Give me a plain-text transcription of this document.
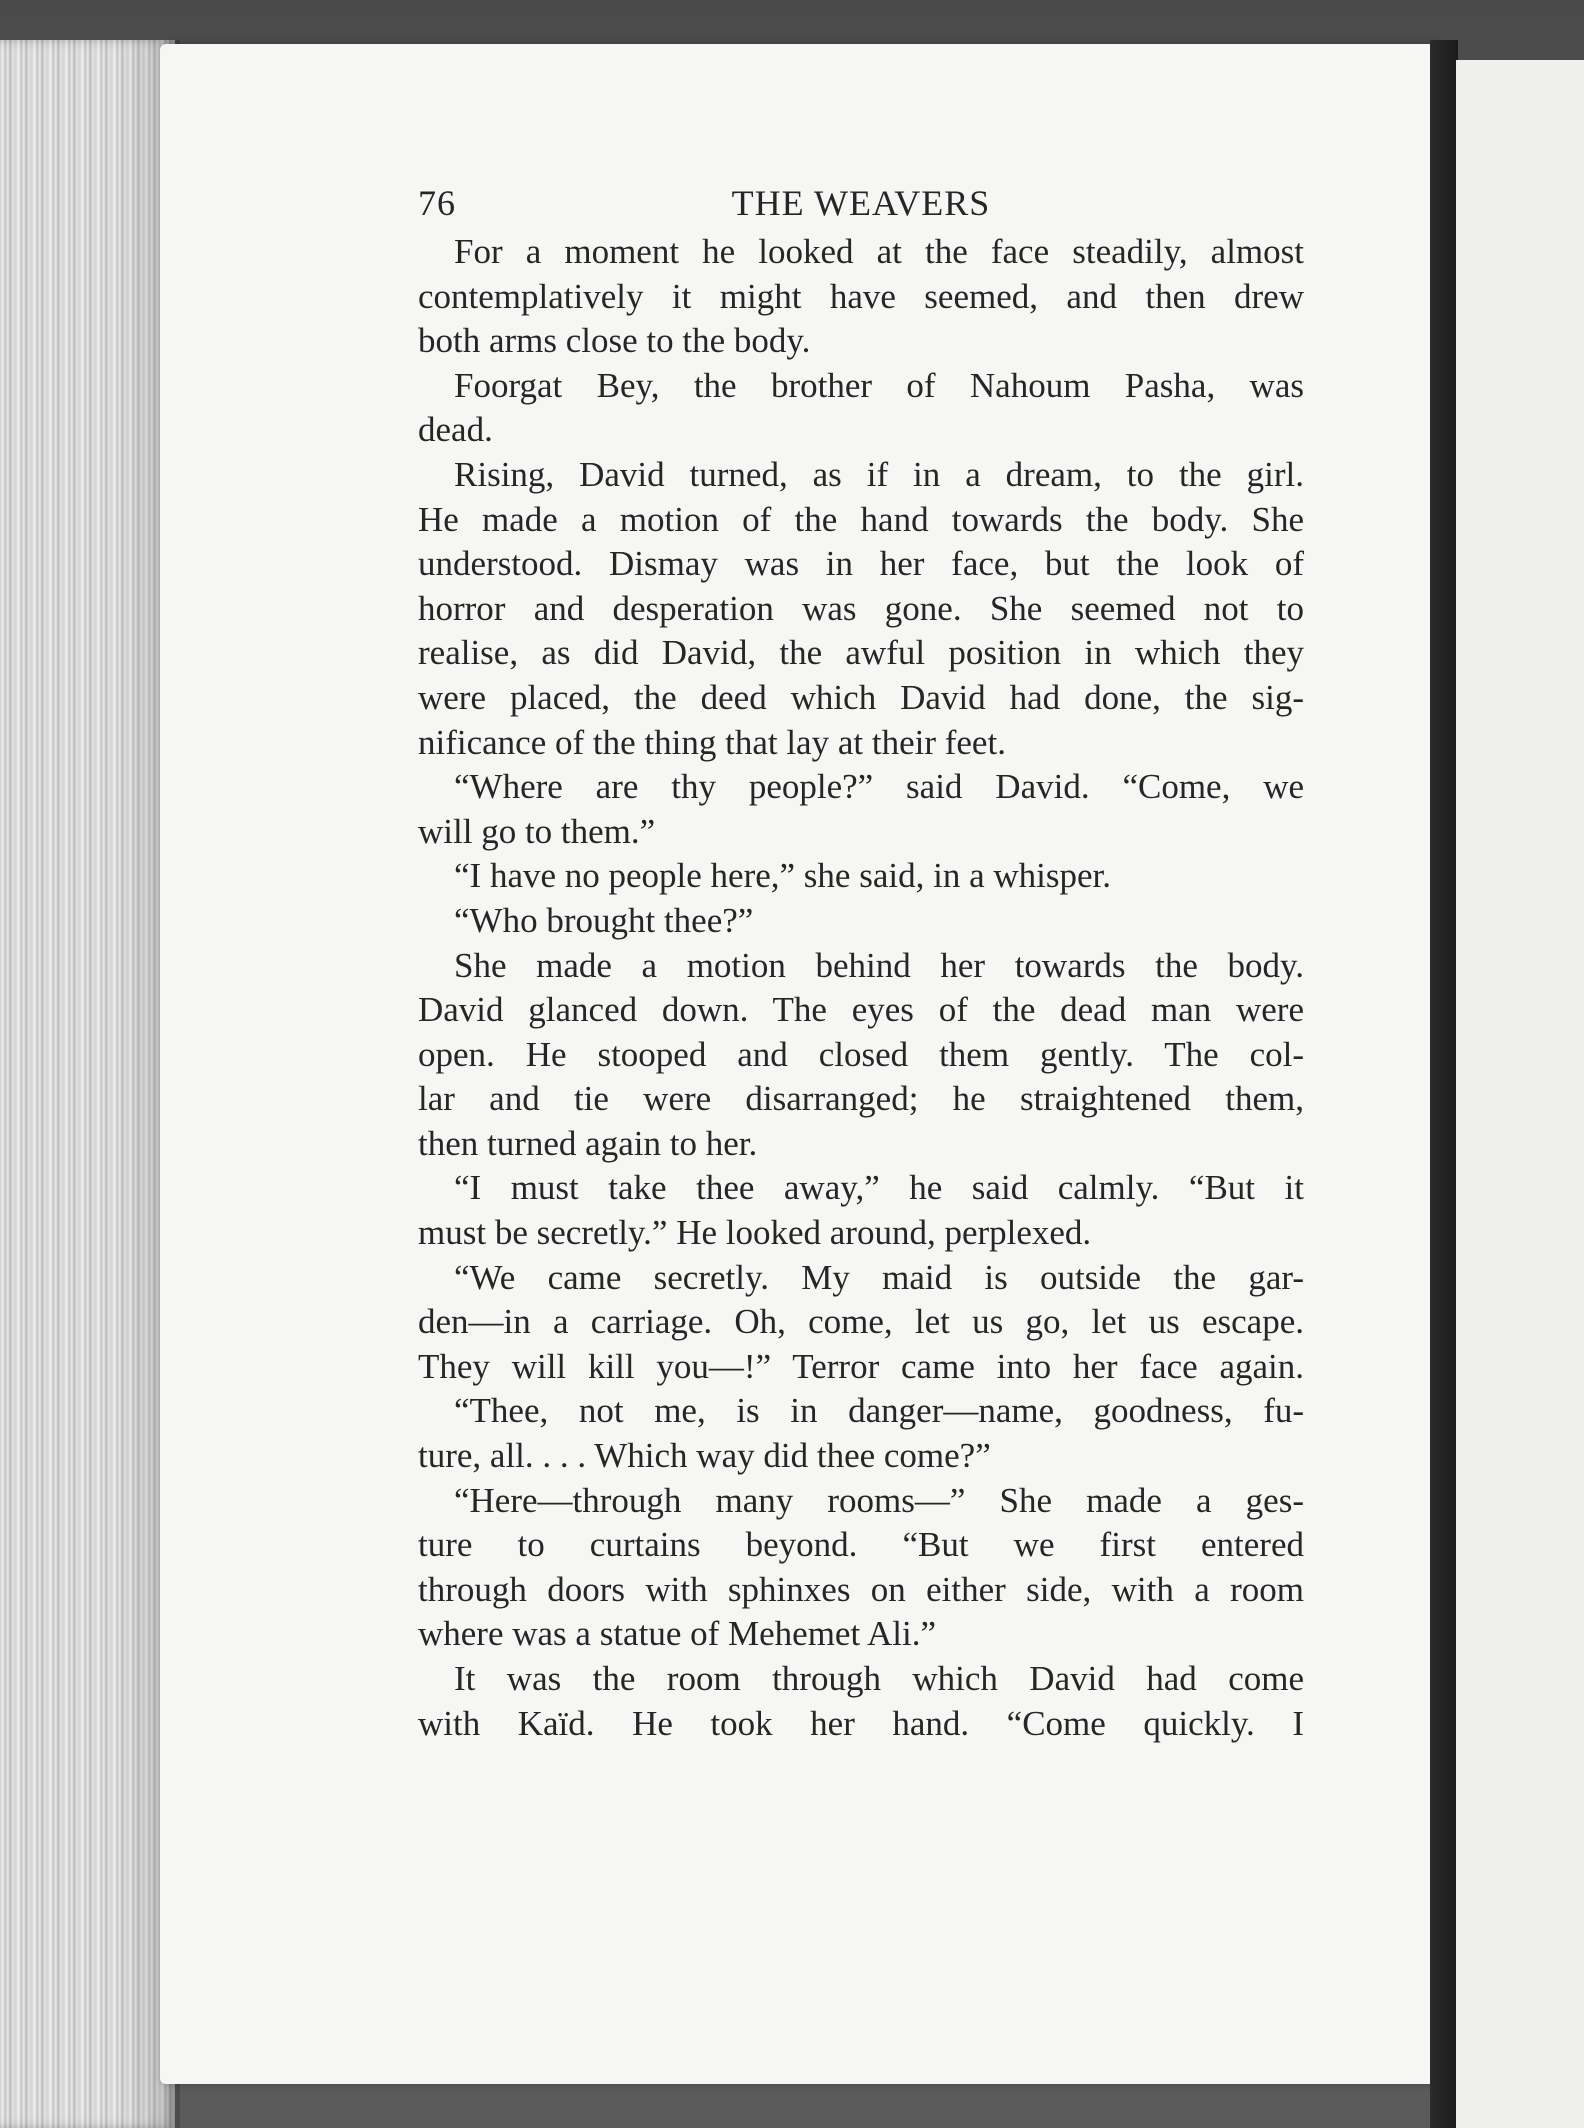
76	THE WEAVERS
For a moment he looked at the face steadily, almost
contemplatively it might have seemed, and then drew
both arms close to the body.
Foorgat Bey, the brother of Nahoum Pasha, was
dead.
Rising, David turned, as if in a dream, to the girl.
He made a motion of the hand towards the body. She
understood. Dismay was in her face, but the look of
horror and desperation was gone. She seemed not to
realise, as did David, the awful position in which they
were placed, the deed which David had done, the sig-
nificance of the thing that lay at their feet.
“Where are thy people?” said David. “Come, we
will go to them.”
“I have no people here,” she said, in a whisper.
“Who brought thee?”
She made a motion behind her towards the body.
David glanced down. The eyes of the dead man were
open. He stooped and closed them gently. The col-
lar and tie were disarranged; he straightened them,
then turned again to her.
“I must take thee away,” he said calmly. “But it
must be secretly.” He looked around, perplexed.
“We came secretly. My maid is outside the gar-
den—in a carriage. Oh, come, let us go, let us escape.
They will kill you—!” Terror came into her face again.
“Thee, not me, is in danger—name, goodness, fu-
ture, all. . . . Which way did thee come?”
“Here—through many rooms—” She made a ges-
ture to curtains beyond. “But we first entered
through doors with sphinxes on either side, with a room
where was a statue of Mehemet Ali.”
It was the room through which David had come
with Kaïd. He took her hand. “Come quickly. I
